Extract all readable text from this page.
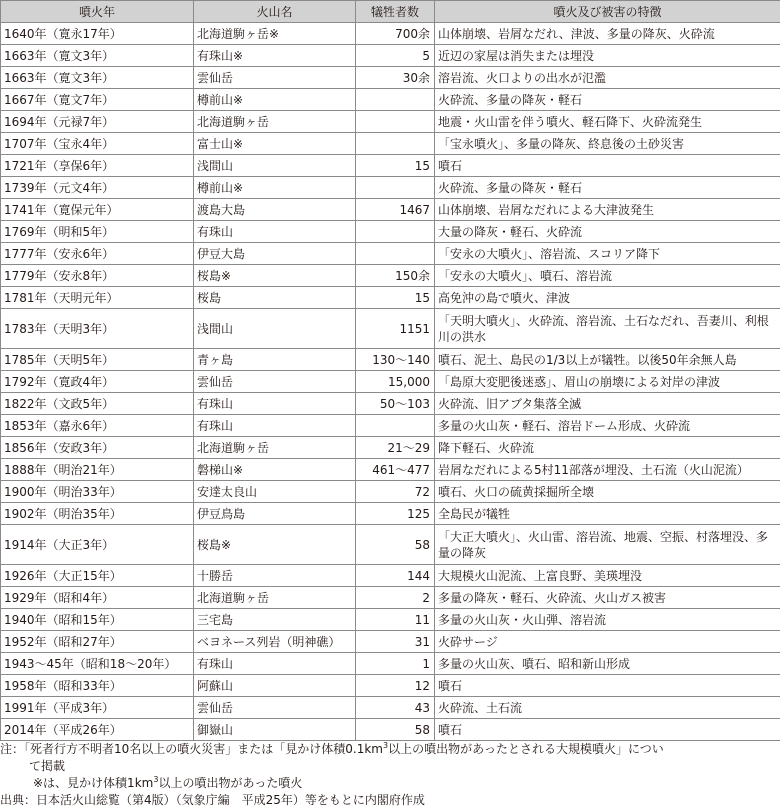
噴火年	火山名	犠牲者数	噴火及び被害の特徴
1640年（寛永17年）	北海道駒ヶ岳※	700余	山体崩壊、岩屑なだれ、津波、多量の降灰、火砕流
1663年（寛文3年）	有珠山※	5	近辺の家屋は消失または埋没
1663年（寛文3年）	雲仙岳	30余	溶岩流、火口よりの出水が氾濫
1667年（寛文7年）	樽前山※		火砕流、多量の降灰・軽石
1694年（元禄7年）	北海道駒ヶ岳		地震・火山雷を伴う噴火、軽石降下、火砕流発生
1707年（宝永4年）	富士山※		「宝永噴火」、多量の降灰、終息後の土砂災害
1721年（享保6年）	浅間山	15	噴石
1739年（元文4年）	樽前山※		火砕流、多量の降灰・軽石
1741年（寛保元年）	渡島大島	1467	山体崩壊、岩屑なだれによる大津波発生
1769年（明和5年）	有珠山		大量の降灰・軽石、火砕流
1777年（安永6年）	伊豆大島		「安永の大噴火」、溶岩流、スコリア降下
1779年（安永8年）	桜島※	150余	「安永の大噴火」、噴石、溶岩流
1781年（天明元年）	桜島	15	高免沖の島で噴火、津波
1783年（天明3年）	浅間山	1151	「天明大噴火」、火砕流、溶岩流、土石なだれ、吾妻川、利根川の洪水
1785年（天明5年）	青ヶ島	130～140	噴石、泥土、島民の1/3以上が犠牲。以後50年余無人島
1792年（寛政4年）	雲仙岳	15,000	「島原大変肥後迷惑」、眉山の崩壊による対岸の津波
1822年（文政5年）	有珠山	50～103	火砕流、旧アブタ集落全滅
1853年（嘉永6年）	有珠山		多量の火山灰・軽石、溶岩ドーム形成、火砕流
1856年（安政3年）	北海道駒ヶ岳	21～29	降下軽石、火砕流
1888年（明治21年）	磐梯山※	461～477	岩屑なだれによる5村11部落が埋没、土石流（火山泥流）
1900年（明治33年）	安達太良山	72	噴石、火口の硫黄採掘所全壊
1902年（明治35年）	伊豆鳥島	125	全島民が犠牲
1914年（大正3年）	桜島※	58	「大正大噴火」、火山雷、溶岩流、地震、空振、村落埋没、多量の降灰
1926年（大正15年）	十勝岳	144	大規模火山泥流、上富良野、美瑛埋没
1929年（昭和4年）	北海道駒ヶ岳	2	多量の降灰・軽石、火砕流、火山ガス被害
1940年（昭和15年）	三宅島	11	多量の火山灰・火山弾、溶岩流
1952年（昭和27年）	ベヨネース列岩（明神礁）	31	火砕サージ
1943～45年（昭和18～20年）	有珠山	1	多量の火山灰、噴石、昭和新山形成
1958年（昭和33年）	阿蘇山	12	噴石
1991年（平成3年）	雲仙岳	43	火砕流、土石流
2014年（平成26年）	御嶽山	58	噴石
注：「死者行方不明者10名以上の噴火災害」または「見かけ体積$0.1km^3$以上の噴出物があったとされる大規模噴火」につい
て掲載
※は、見かけ体積$1km^3$以上の噴出物があった噴火
出典：日本活火山総覧（第4版）（気象庁編　平成25年）等をもとに内閣府作成
